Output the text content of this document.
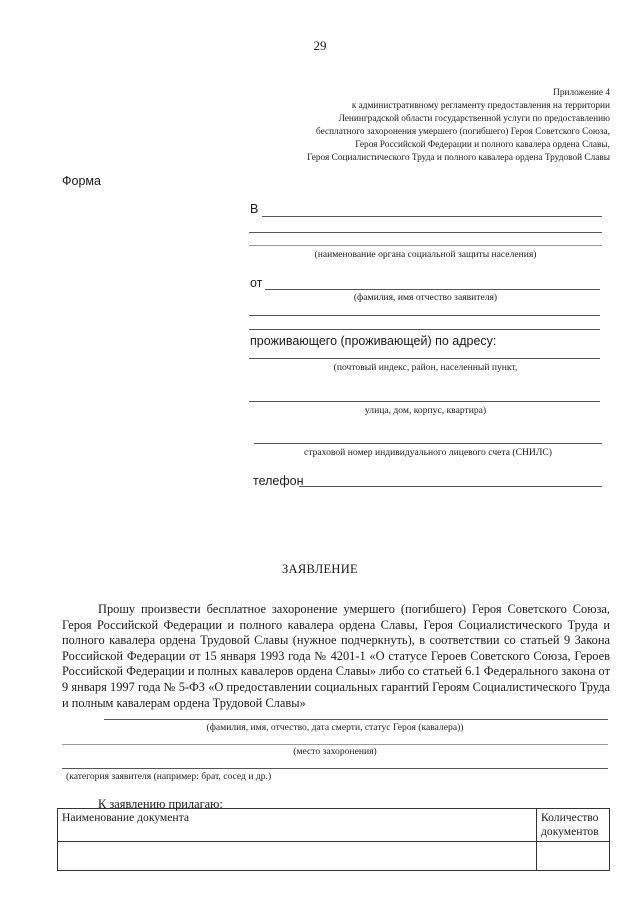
29
Приложение 4
к административному регламенту предоставления на территории
Ленинградской области государственной услуги по предоставлению
бесплатного захоронения умершего (погибшего) Героя Советского Союза,
Героя Российской Федерации и полного кавалера ордена Славы,
Героя Социалистического Труда и полного кавалера ордена Трудовой Славы
Форма
В
(наименование органа социальной защиты населения)
от
(фамилия, имя отчество заявителя)
проживающего (проживающей) по адресу:
(почтовый индекс, район, населенный пункт,
улица, дом, корпус, квартира)
страховой номер индивидуального лицевого счета (СНИЛС)
телефон
ЗАЯВЛЕНИЕ
Прошу произвести бесплатное захоронение умершего (погибшего) Героя Советского Союза, Героя Российской Федерации и полного кавалера ордена Славы, Героя Социалистического Труда и полного кавалера ордена Трудовой Славы (нужное подчеркнуть), в соответствии со статьей 9 Закона Российской Федерации от 15 января 1993 года № 4201-1 «О статусе Героев Советского Союза, Героев Российской Федерации и полных кавалеров ордена Славы» либо со статьей 6.1 Федерального закона от 9 января 1997 года № 5-ФЗ «О предоставлении социальных гарантий Героям Социалистического Труда и полным кавалерам ордена Трудовой Славы»
(фамилия, имя, отчество, дата смерти, статус Героя (кавалера))
(место захоронения)
(категория заявителя (например: брат, сосед и др.)
К заявлению прилагаю:
Наименование документа	Количество документов
